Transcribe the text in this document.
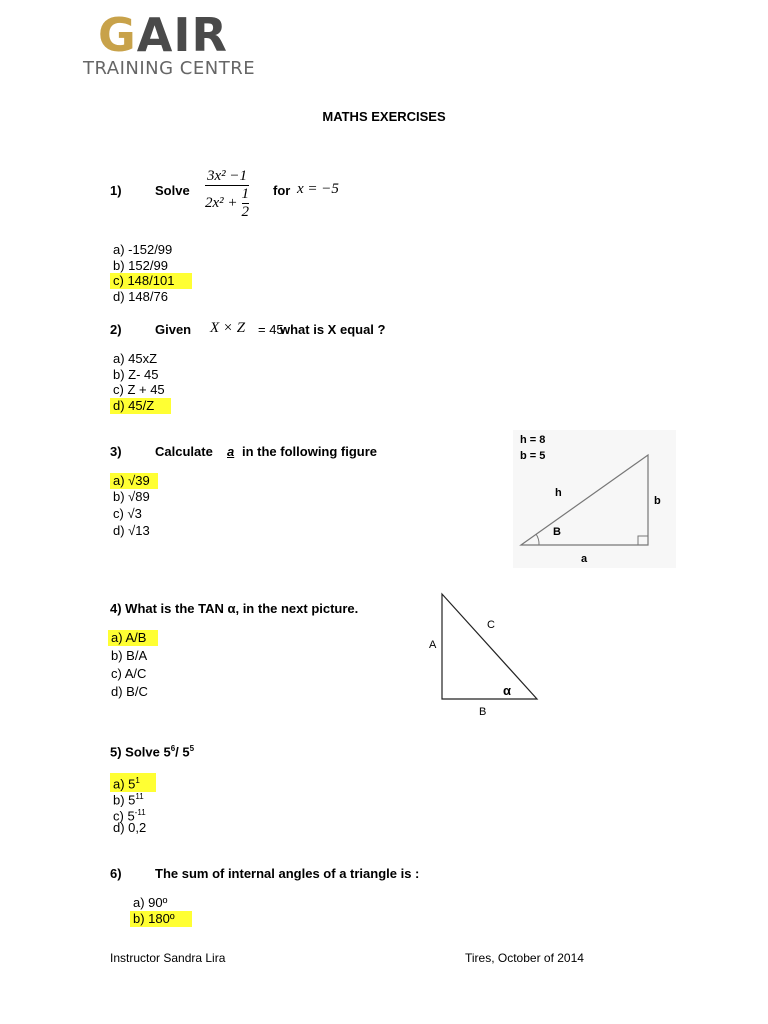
GAIR
TRAINING CENTRE
MATHS EXERCISES
1)	Solve $\frac{\text{3x² −1}}{2x^2 + \frac{1}{2}}$ for x = −5
a) -152/99
b) 152/99
c) 148/101
d) 148/76
2)	Given X × Z = 45
what is X equal ?
a) 45xZ
b) Z- 45
c) Z + 45
d) 45/Z
3)	Calculate a in the following figure
a) √39
b) √89
c) √3
d) √13
h = 8
b = 5
h
b
B
a
4) What is the TAN α, in the next picture.
a) A/B
b) B/A
c) A/C
d) B/C
A
C
B
α
5) Solve $5^6/$ $5^5$
a) $5^1$
b) $5^{11}$
c) $5^{-11}$
d) 0,2
6)	The sum of internal angles of a triangle is :
a) 90º
b) 180º
Instructor Sandra Lira	Tires, October of 2014
